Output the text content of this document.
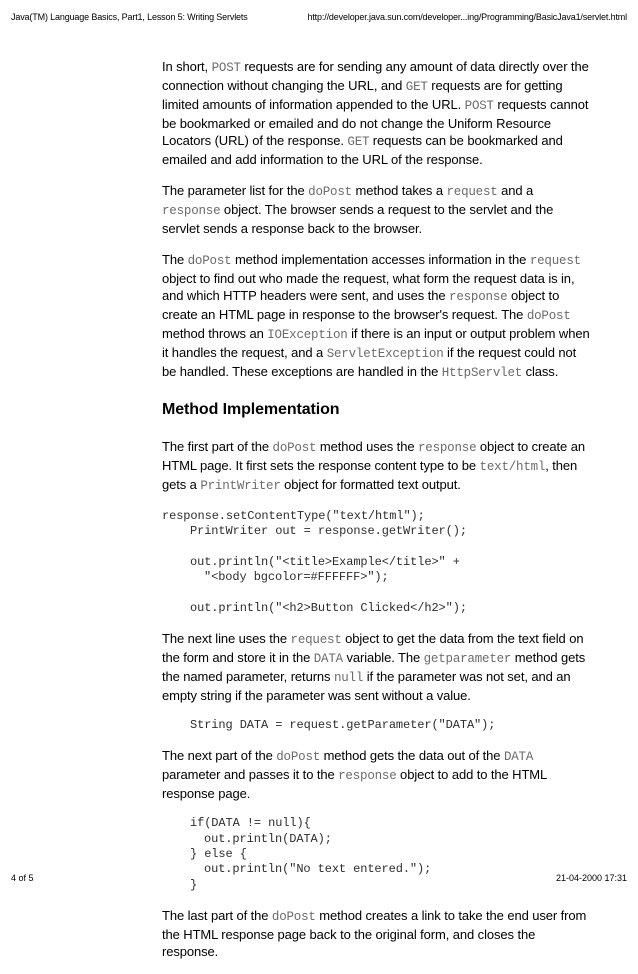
Java(TM) Language Basics, Part1, Lesson 5: Writing Servlets	http://developer.java.sun.com/developer...ing/Programming/BasicJava1/servlet.html

In short, POST requests are for sending any amount of data directly over the connection without changing the URL, and GET requests are for getting limited amounts of information appended to the URL. POST requests cannot be bookmarked or emailed and do not change the Uniform Resource Locators (URL) of the response. GET requests can be bookmarked and emailed and add information to the URL of the response.

The parameter list for the doPost method takes a request and a response object. The browser sends a request to the servlet and the servlet sends a response back to the browser.

The doPost method implementation accesses information in the request object to find out who made the request, what form the request data is in, and which HTTP headers were sent, and uses the response object to create an HTML page in response to the browser's request. The doPost method throws an IOException if there is an input or output problem when it handles the request, and a ServletException if the request could not be handled. These exceptions are handled in the HttpServlet class.

Method Implementation

The first part of the doPost method uses the response object to create an HTML page. It first sets the response content type to be text/html, then gets a PrintWriter object for formatted text output.

response.setContentType("text/html");
PrintWriter out = response.getWriter();
out.println("<title>Example</title>" +
"<body bgcolor=#FFFFFF>");
out.println("<h2>Button Clicked</h2>");

The next line uses the request object to get the data from the text field on the form and store it in the DATA variable. The getparameter method gets the named parameter, returns null if the parameter was not set, and an empty string if the parameter was sent without a value.

String DATA = request.getParameter("DATA");

The next part of the doPost method gets the data out of the DATA parameter and passes it to the response object to add to the HTML response page.

if(DATA != null){
out.println(DATA);
} else {
out.println("No text entered.");
}

The last part of the doPost method creates a link to take the end user from the HTML response page back to the original form, and closes the response.

4 of 5	21-04-2000 17:31
